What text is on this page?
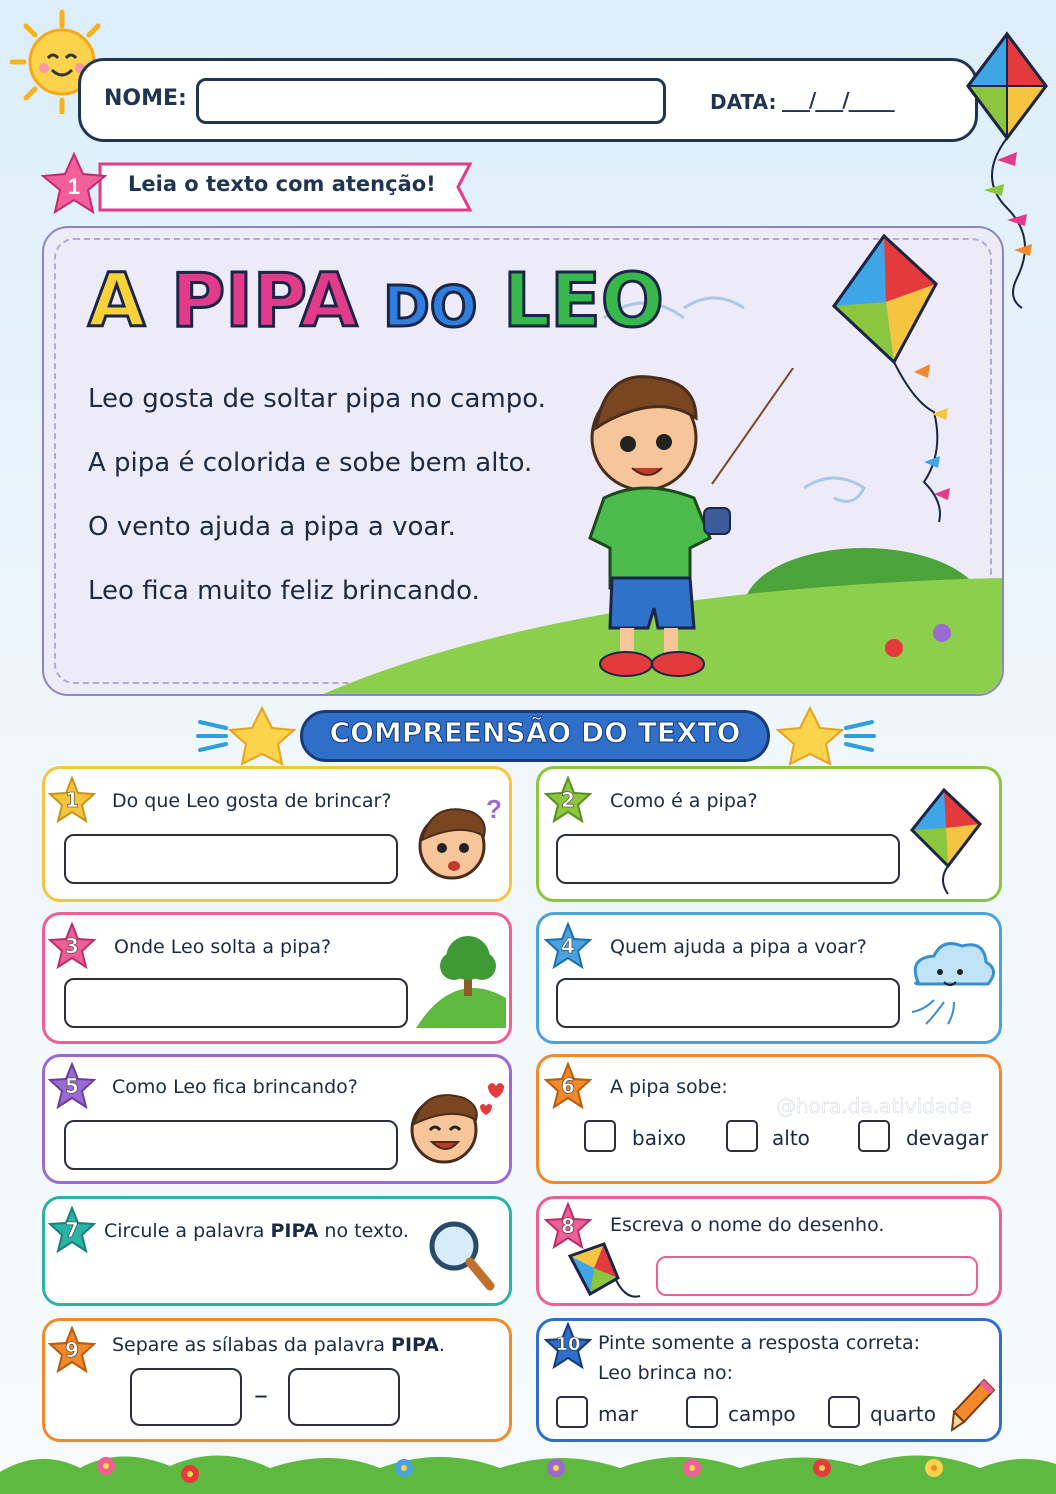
NOME:	DATA: ___/___/_____
1 Leia o texto com atenção!
A PIPA DO LEO
Leo gosta de soltar pipa no campo.
A pipa é colorida e sobe bem alto.
O vento ajuda a pipa a voar.
Leo fica muito feliz brincando.
COMPREENSÃO DO TEXTO
1	Do que Leo gosta de brincar?	?	2	Como é a pipa?
3	Onde Leo solta a pipa?	4	Quem ajuda a pipa a voar?
5	Como Leo fica brincando?	6	A pipa sobe:
baixo	alto	devagar
@hora.da.atividade
7	Circule a palavra PIPA no texto.	8	Escreva o nome do desenho.
9	Separe as sílabas da palavra PIPA.
–
10 Pinte somente a resposta correta:
Leo brinca no:
mar	campo	quarto
